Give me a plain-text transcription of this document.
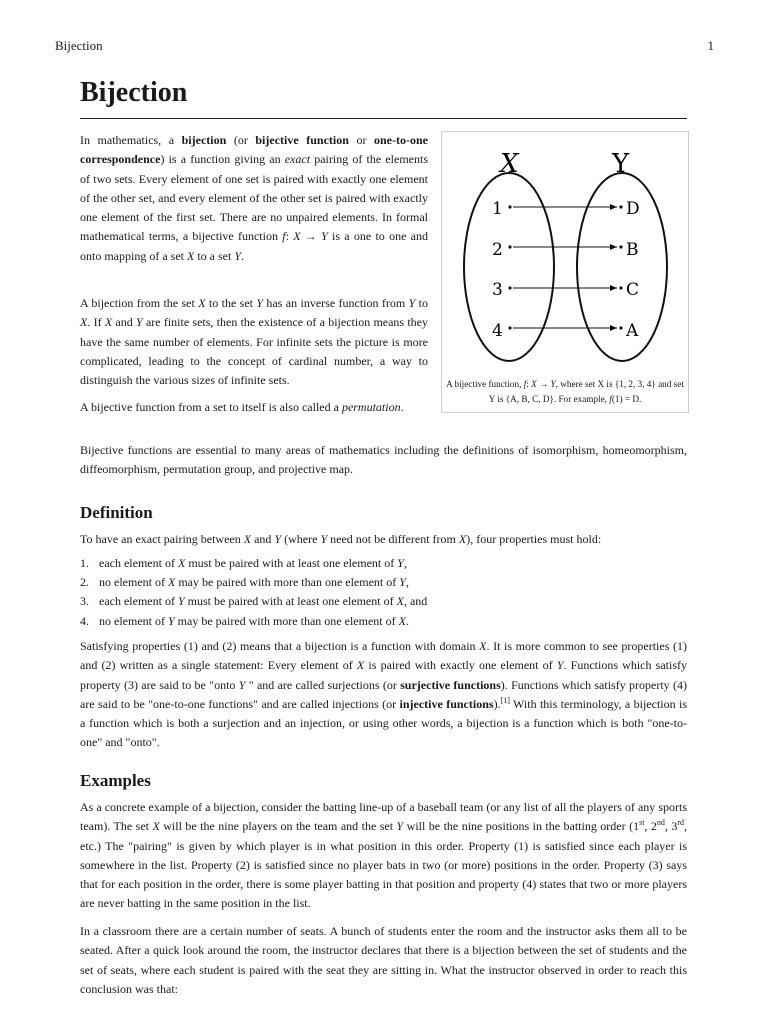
Bijection	1
Bijection

In mathematics, a bijection (or bijective function or one-to-one correspondence) is a function giving an exact pairing of the elements of two sets. Every element of one set is paired with exactly one element of the other set, and every element of the other set is paired with exactly one element of the first set. There are no unpaired elements. In formal mathematical terms, a bijective function f: X → Y is a one to one and onto mapping of a set X to a set Y.

A bijection from the set X to the set Y has an inverse function from Y to X. If X and Y are finite sets, then the existence of a bijection means they have the same number of elements. For infinite sets the picture is more complicated, leading to the concept of cardinal number, a way to distinguish the various sizes of infinite sets.

A bijective function from a set to itself is also called a permutation.

X	Y
1
2
3
4
D
B
C
A

A bijective function, f: X → Y, where set X is {1, 2, 3, 4} and set Y is {A, B, C, D}. For example, f(1) = D.

Bijective functions are essential to many areas of mathematics including the definitions of isomorphism, homeomorphism, diffeomorphism, permutation group, and projective map.

Definition

To have an exact pairing between X and Y (where Y need not be different from X), four properties must hold:

1. each element of X must be paired with at least one element of Y,
2. no element of X may be paired with more than one element of Y,
3. each element of Y must be paired with at least one element of X, and
4. no element of Y may be paired with more than one element of X.

Satisfying properties (1) and (2) means that a bijection is a function with domain X. It is more common to see properties (1) and (2) written as a single statement: Every element of X is paired with exactly one element of Y. Functions which satisfy property (3) are said to be "onto Y " and are called surjections (or surjective functions). Functions which satisfy property (4) are said to be "one-to-one functions" and are called injections (or injective functions).[1] With this terminology, a bijection is a function which is both a surjection and an injection, or using other words, a bijection is a function which is both "one-to-one" and "onto".

Examples

As a concrete example of a bijection, consider the batting line-up of a baseball team (or any list of all the players of any sports team). The set X will be the nine players on the team and the set Y will be the nine positions in the batting order (1st, 2nd, 3rd, etc.) The "pairing" is given by which player is in what position in this order. Property (1) is satisfied since each player is somewhere in the list. Property (2) is satisfied since no player bats in two (or more) positions in the order. Property (3) says that for each position in the order, there is some player batting in that position and property (4) states that two or more players are never batting in the same position in the list.

In a classroom there are a certain number of seats. A bunch of students enter the room and the instructor asks them all to be seated. After a quick look around the room, the instructor declares that there is a bijection between the set of students and the set of seats, where each student is paired with the seat they are sitting in. What the instructor observed in order to reach this conclusion was that:
